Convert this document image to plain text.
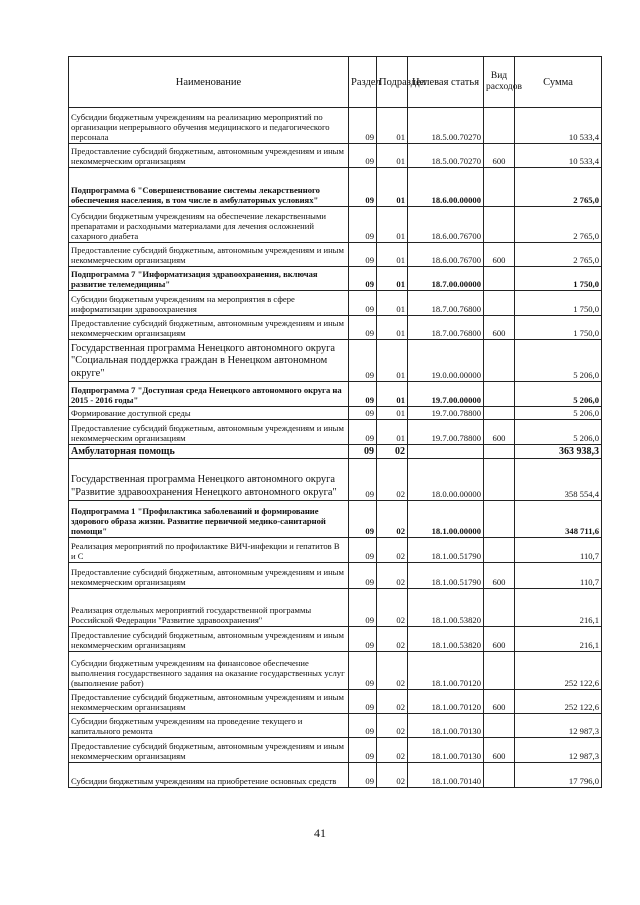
Наименование	Раздел	Подраздел	Целевая статья	Вид расходов	Сумма
Субсидии бюджетным учреждениям на реализацию мероприятий по организации непрерывного обучения медицинского и педагогического персонала	09	01	18.5.00.70270		10 533,4
Предоставление субсидий бюджетным, автономным учреждениям и иным некоммерческим организациям	09	01	18.5.00.70270	600	10 533,4
Подпрограмма 6 "Совершенствование системы лекарственного обеспечения населения, в том числе в амбулаторных условиях"	09	01	18.6.00.00000		2 765,0
Субсидии бюджетным учреждениям на обеспечение лекарственными препаратами и расходными материалами для лечения осложнений сахарного диабета	09	01	18.6.00.76700		2 765,0
Предоставление субсидий бюджетным, автономным учреждениям и иным некоммерческим организациям	09	01	18.6.00.76700	600	2 765,0
Подпрограмма 7 "Информатизация здравоохранения, включая развитие телемедицины"	09	01	18.7.00.00000		1 750,0
Субсидии бюджетным учреждениям на мероприятия в сфере информатизации здравоохранения	09	01	18.7.00.76800		1 750,0
Предоставление субсидий бюджетным, автономным учреждениям и иным некоммерческим организациям	09	01	18.7.00.76800	600	1 750,0
Государственная программа Ненецкого автономного округа "Социальная поддержка граждан в Ненецком автономном округе"	09	01	19.0.00.00000		5 206,0
Подпрограмма 7 "Доступная среда Ненецкого автономного округа на 2015 - 2016 годы"	09	01	19.7.00.00000		5 206,0
Формирование доступной среды	09	01	19.7.00.78800		5 206,0
Предоставление субсидий бюджетным, автономным учреждениям и иным некоммерческим организациям	09	01	19.7.00.78800	600	5 206,0
Амбулаторная помощь	09	02			363 938,3
Государственная программа Ненецкого автономного округа "Развитие здравоохранения Ненецкого автономного округа"	09	02	18.0.00.00000		358 554,4
Подпрограмма 1 "Профилактика заболеваний и формирование здорового образа жизни. Развитие первичной медико-санитарной помощи"	09	02	18.1.00.00000		348 711,6
Реализация мероприятий по профилактике ВИЧ-инфекции и гепатитов В и С	09	02	18.1.00.51790		110,7
Предоставление субсидий бюджетным, автономным учреждениям и иным некоммерческим организациям	09	02	18.1.00.51790	600	110,7
Реализация отдельных мероприятий государственной программы Российской Федерации "Развитие здравоохранения"	09	02	18.1.00.53820		216,1
Предоставление субсидий бюджетным, автономным учреждениям и иным некоммерческим организациям	09	02	18.1.00.53820	600	216,1
Субсидии бюджетным учреждениям на финансовое обеспечение выполнения государственного задания на оказание государственных услуг (выполнение работ)	09	02	18.1.00.70120		252 122,6
Предоставление субсидий бюджетным, автономным учреждениям и иным некоммерческим организациям	09	02	18.1.00.70120	600	252 122,6
Субсидии бюджетным учреждениям на проведение текущего и капитального ремонта	09	02	18.1.00.70130		12 987,3
Предоставление субсидий бюджетным, автономным учреждениям и иным некоммерческим организациям	09	02	18.1.00.70130	600	12 987,3
Субсидии бюджетным учреждениям на приобретение основных средств	09	02	18.1.00.70140		17 796,0
41
